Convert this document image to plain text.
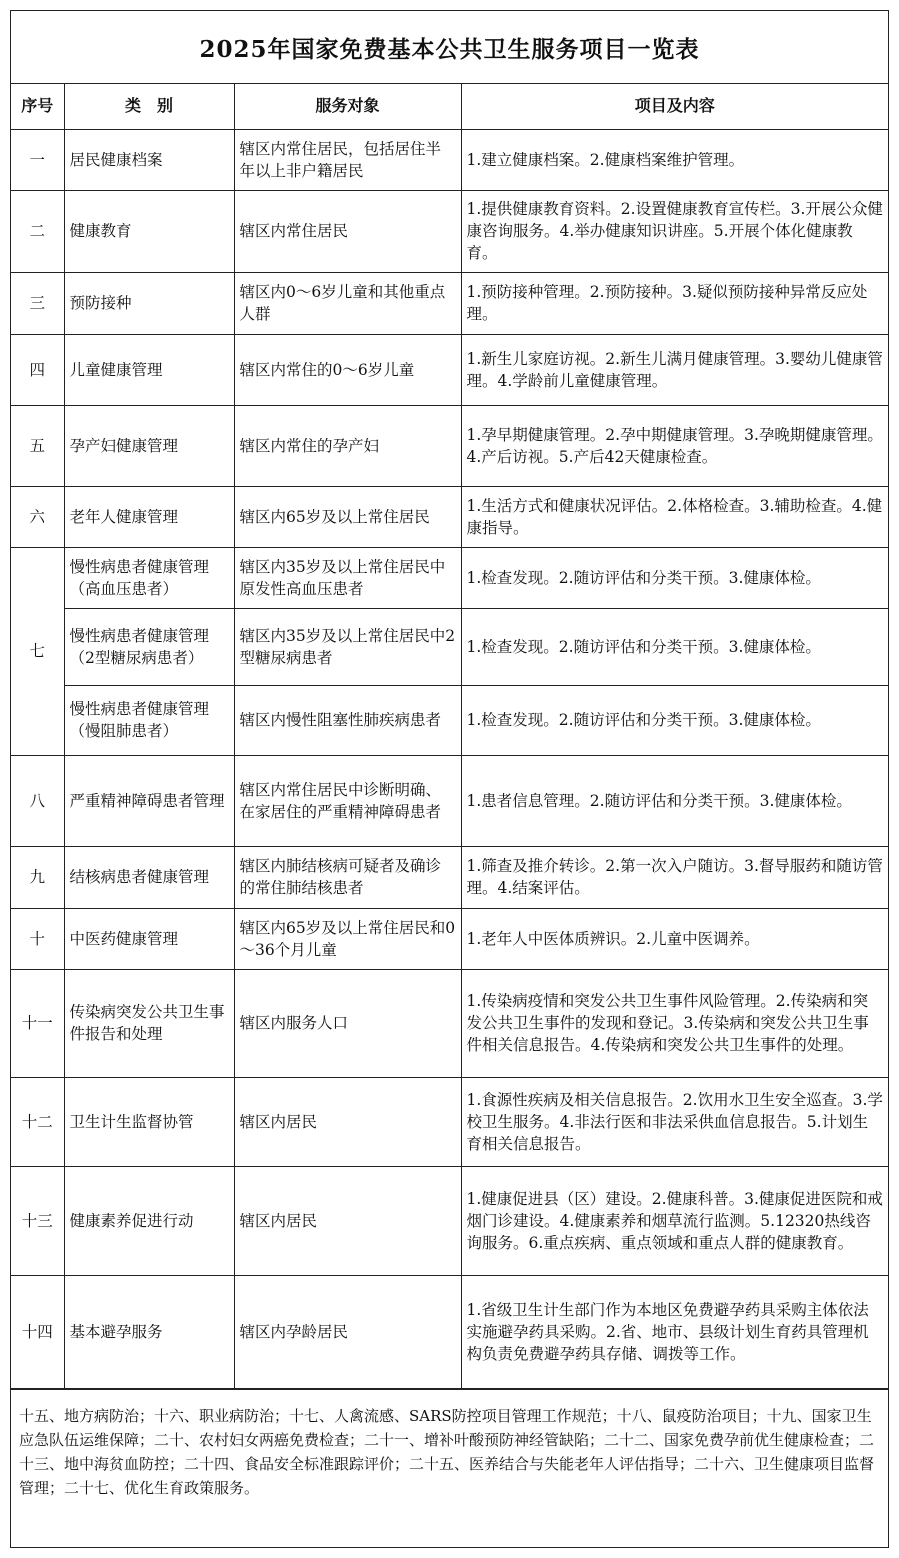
2025年国家免费基本公共卫生服务项目一览表
序号	类　别	服务对象	项目及内容
一	居民健康档案	辖区内常住居民，包括居住半年以上非户籍居民	1.建立健康档案。2.健康档案维护管理。
二	健康教育	辖区内常住居民	1.提供健康教育资料。2.设置健康教育宣传栏。3.开展公众健康咨询服务。4.举办健康知识讲座。5.开展个体化健康教育。
三	预防接种	辖区内0～6岁儿童和其他重点人群	1.预防接种管理。2.预防接种。3.疑似预防接种异常反应处理。
四	儿童健康管理	辖区内常住的0～6岁儿童	1.新生儿家庭访视。2.新生儿满月健康管理。3.婴幼儿健康管理。4.学龄前儿童健康管理。
五	孕产妇健康管理	辖区内常住的孕产妇	1.孕早期健康管理。2.孕中期健康管理。3.孕晚期健康管理。4.产后访视。5.产后42天健康检查。
六	老年人健康管理	辖区内65岁及以上常住居民	1.生活方式和健康状况评估。2.体格检查。3.辅助检查。4.健康指导。
七	慢性病患者健康管理（高血压患者）	辖区内35岁及以上常住居民中原发性高血压患者	1.检查发现。2.随访评估和分类干预。3.健康体检。
	慢性病患者健康管理（2型糖尿病患者）	辖区内35岁及以上常住居民中2型糖尿病患者	1.检查发现。2.随访评估和分类干预。3.健康体检。
	慢性病患者健康管理（慢阻肺患者）	辖区内慢性阻塞性肺疾病患者	1.检查发现。2.随访评估和分类干预。3.健康体检。
八	严重精神障碍患者管理	辖区内常住居民中诊断明确、在家居住的严重精神障碍患者	1.患者信息管理。2.随访评估和分类干预。3.健康体检。
九	结核病患者健康管理	辖区内肺结核病可疑者及确诊的常住肺结核患者	1.筛查及推介转诊。2.第一次入户随访。3.督导服药和随访管理。4.结案评估。
十	中医药健康管理	辖区内65岁及以上常住居民和0～36个月儿童	1.老年人中医体质辨识。2.儿童中医调养。
十一	传染病突发公共卫生事件报告和处理	辖区内服务人口	1.传染病疫情和突发公共卫生事件风险管理。2.传染病和突发公共卫生事件的发现和登记。3.传染病和突发公共卫生事件相关信息报告。4.传染病和突发公共卫生事件的处理。
十二	卫生计生监督协管	辖区内居民	1.食源性疾病及相关信息报告。2.饮用水卫生安全巡查。3.学校卫生服务。4.非法行医和非法采供血信息报告。5.计划生育相关信息报告。
十三	健康素养促进行动	辖区内居民	1.健康促进县（区）建设。2.健康科普。3.健康促进医院和戒烟门诊建设。4.健康素养和烟草流行监测。5.12320热线咨询服务。6.重点疾病、重点领域和重点人群的健康教育。
十四	基本避孕服务	辖区内孕龄居民	1.省级卫生计生部门作为本地区免费避孕药具采购主体依法实施避孕药具采购。2.省、地市、县级计划生育药具管理机构负责免费避孕药具存储、调拨等工作。
十五、地方病防治；十六、职业病防治；十七、人禽流感、SARS防控项目管理工作规范；十八、鼠疫防治项目；十九、国家卫生应急队伍运维保障；二十、农村妇女两癌免费检查；二十一、增补叶酸预防神经管缺陷；二十二、国家免费孕前优生健康检查；二十三、地中海贫血防控；二十四、食品安全标准跟踪评价；二十五、医养结合与失能老年人评估指导；二十六、卫生健康项目监督管理；二十七、优化生育政策服务。
